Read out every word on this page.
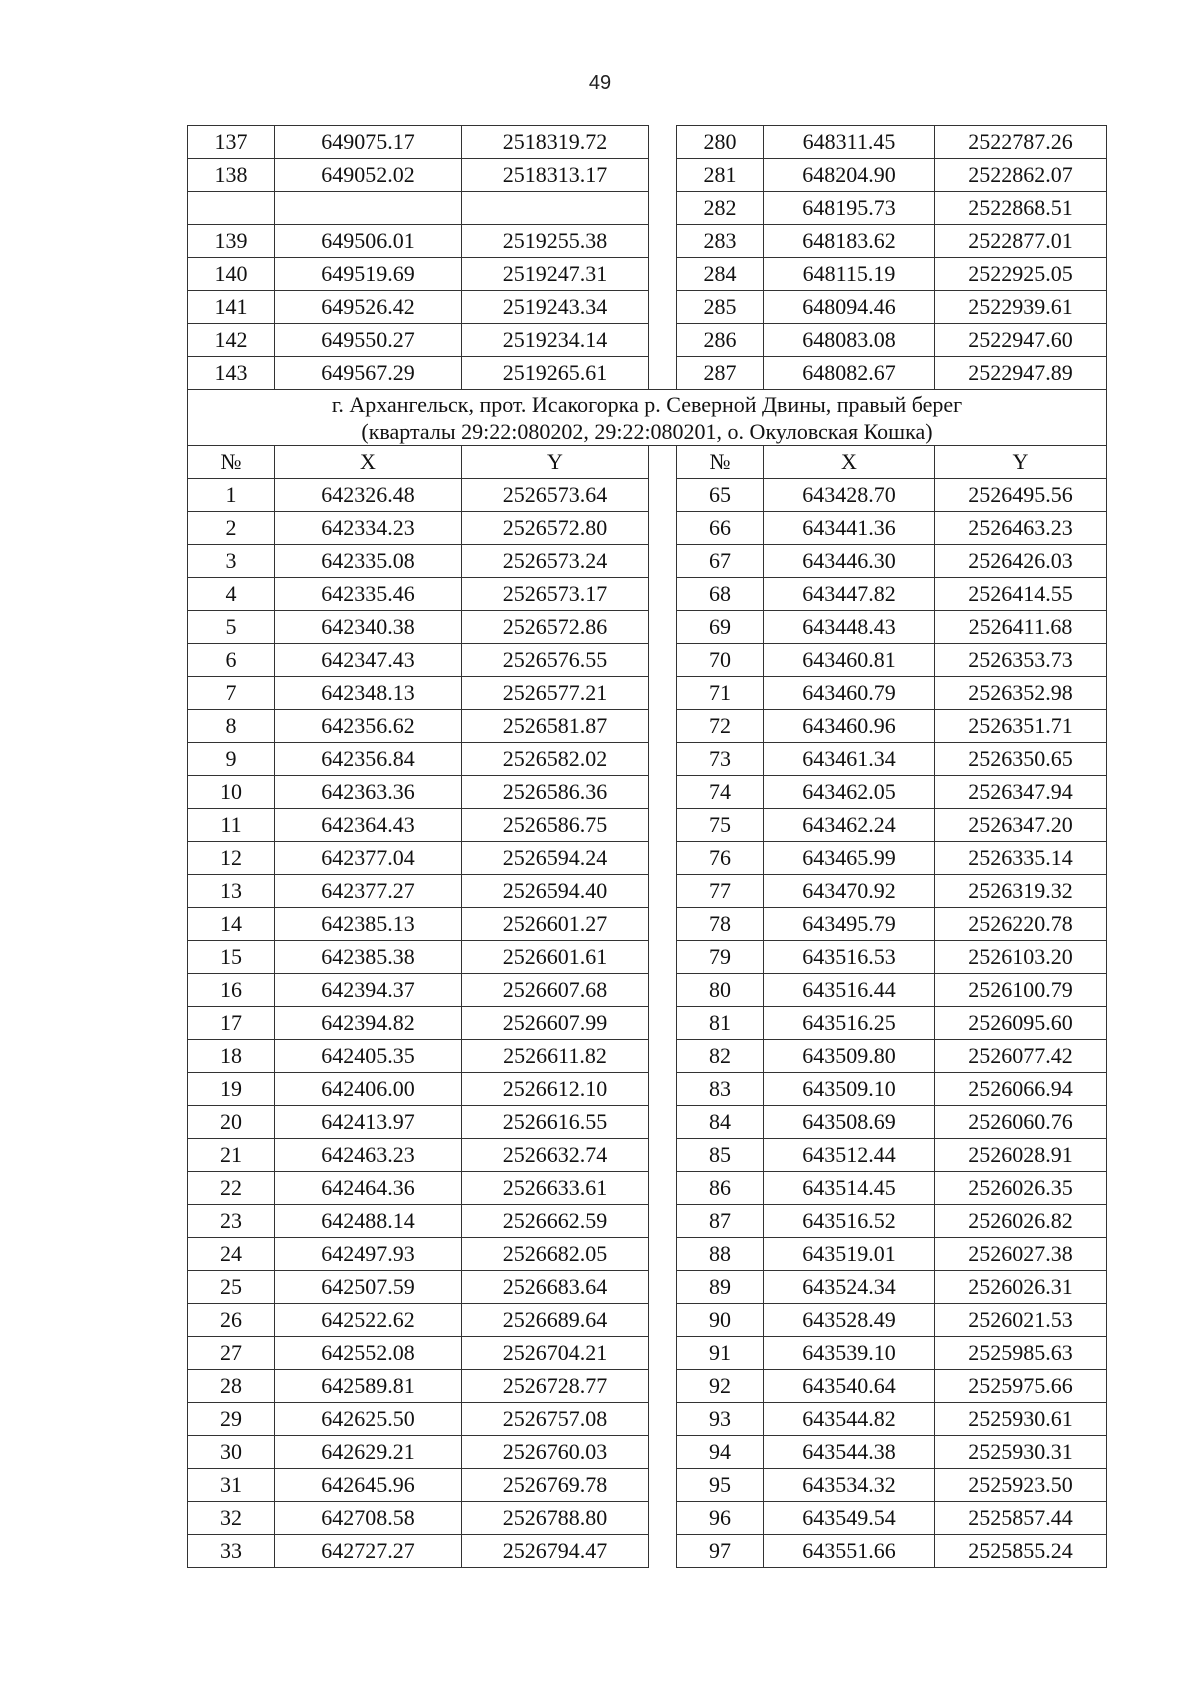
49
137	649075.17	2518319.72		280	648311.45	2522787.26
138	649052.02	2518313.17		281	648204.90	2522862.07
				282	648195.73	2522868.51
139	649506.01	2519255.38		283	648183.62	2522877.01
140	649519.69	2519247.31		284	648115.19	2522925.05
141	649526.42	2519243.34		285	648094.46	2522939.61
142	649550.27	2519234.14		286	648083.08	2522947.60
143	649567.29	2519265.61		287	648082.67	2522947.89
г. Архангельск, прот. Исакогорка р. Северной Двины, правый берег
(кварталы 29:22:080202, 29:22:080201, о. Окуловская Кошка)						
№	X	Y		№	X	Y
1	642326.48	2526573.64		65	643428.70	2526495.56
2	642334.23	2526572.80		66	643441.36	2526463.23
3	642335.08	2526573.24		67	643446.30	2526426.03
4	642335.46	2526573.17		68	643447.82	2526414.55
5	642340.38	2526572.86		69	643448.43	2526411.68
6	642347.43	2526576.55		70	643460.81	2526353.73
7	642348.13	2526577.21		71	643460.79	2526352.98
8	642356.62	2526581.87		72	643460.96	2526351.71
9	642356.84	2526582.02		73	643461.34	2526350.65
10	642363.36	2526586.36		74	643462.05	2526347.94
11	642364.43	2526586.75		75	643462.24	2526347.20
12	642377.04	2526594.24		76	643465.99	2526335.14
13	642377.27	2526594.40		77	643470.92	2526319.32
14	642385.13	2526601.27		78	643495.79	2526220.78
15	642385.38	2526601.61		79	643516.53	2526103.20
16	642394.37	2526607.68		80	643516.44	2526100.79
17	642394.82	2526607.99		81	643516.25	2526095.60
18	642405.35	2526611.82		82	643509.80	2526077.42
19	642406.00	2526612.10		83	643509.10	2526066.94
20	642413.97	2526616.55		84	643508.69	2526060.76
21	642463.23	2526632.74		85	643512.44	2526028.91
22	642464.36	2526633.61		86	643514.45	2526026.35
23	642488.14	2526662.59		87	643516.52	2526026.82
24	642497.93	2526682.05		88	643519.01	2526027.38
25	642507.59	2526683.64		89	643524.34	2526026.31
26	642522.62	2526689.64		90	643528.49	2526021.53
27	642552.08	2526704.21		91	643539.10	2525985.63
28	642589.81	2526728.77		92	643540.64	2525975.66
29	642625.50	2526757.08		93	643544.82	2525930.61
30	642629.21	2526760.03		94	643544.38	2525930.31
31	642645.96	2526769.78		95	643534.32	2525923.50
32	642708.58	2526788.80		96	643549.54	2525857.44
33	642727.27	2526794.47		97	643551.66	2525855.24
